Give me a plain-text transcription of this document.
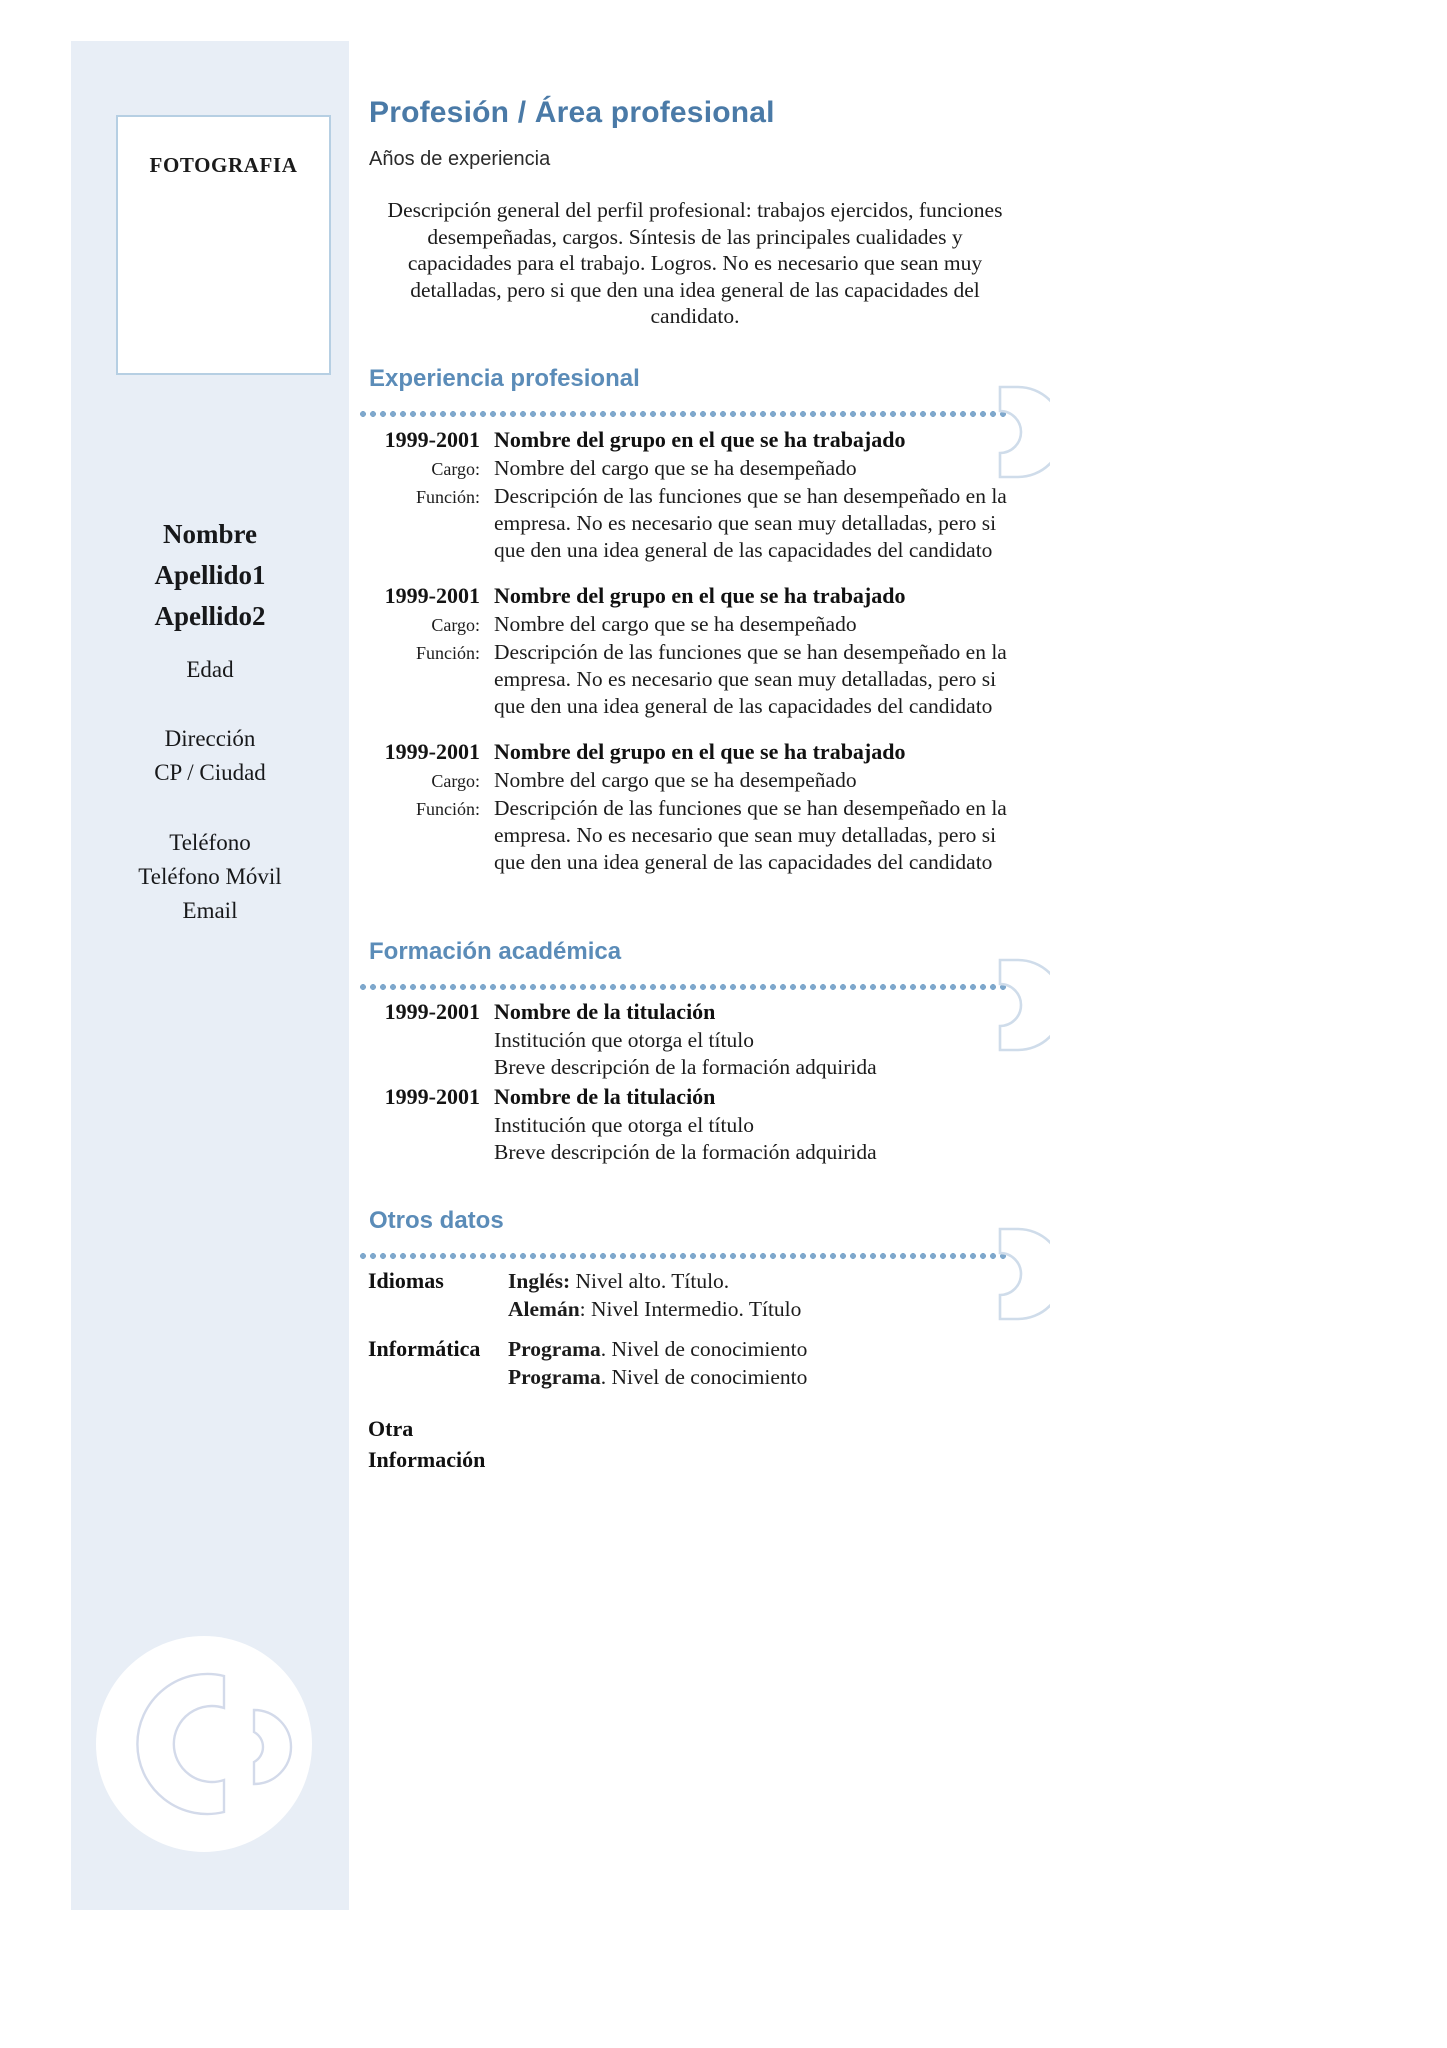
FOTOGRAFIA
Nombre
Apellido1
Apellido2
Edad
Dirección
CP / Ciudad
Teléfono
Teléfono Móvil
Email
Profesión / Área profesional
Años de experiencia
Descripción general del perfil profesional: trabajos ejercidos, funciones desempeñadas, cargos. Síntesis de las principales cualidades y capacidades para el trabajo. Logros. No es necesario que sean muy detalladas, pero si que den una idea general de las capacidades del candidato.
Experiencia profesional
1999-2001 Nombre del grupo en el que se ha trabajado
Cargo: Nombre del cargo que se ha desempeñado
Función: Descripción de las funciones que se han desempeñado en la empresa. No es necesario que sean muy detalladas, pero si que den una idea general de las capacidades del candidato
1999-2001 Nombre del grupo en el que se ha trabajado
Cargo: Nombre del cargo que se ha desempeñado
Función: Descripción de las funciones que se han desempeñado en la empresa. No es necesario que sean muy detalladas, pero si que den una idea general de las capacidades del candidato
1999-2001 Nombre del grupo en el que se ha trabajado
Cargo: Nombre del cargo que se ha desempeñado
Función: Descripción de las funciones que se han desempeñado en la empresa. No es necesario que sean muy detalladas, pero si que den una idea general de las capacidades del candidato
Formación académica
1999-2001 Nombre de la titulación
Institución que otorga el título
Breve descripción de la formación adquirida
1999-2001 Nombre de la titulación
Institución que otorga el título
Breve descripción de la formación adquirida
Otros datos
Idiomas	Inglés: Nivel alto. Título.
Alemán: Nivel Intermedio. Título
Informática	Programa. Nivel de conocimiento
Programa. Nivel de conocimiento
Otra Información
